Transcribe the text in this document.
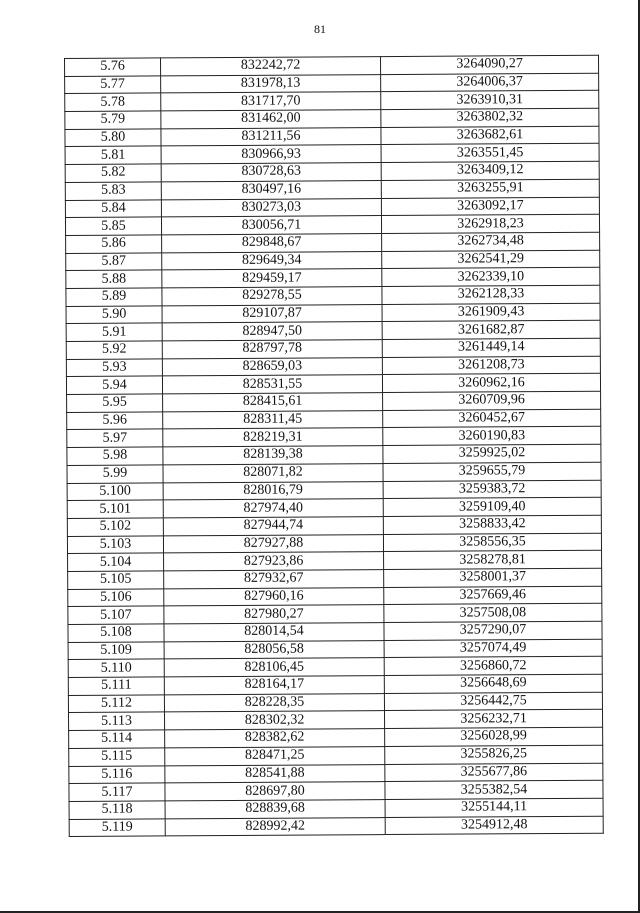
81
5.76	832242,72	3264090,27
5.77	831978,13	3264006,37
5.78	831717,70	3263910,31
5.79	831462,00	3263802,32
5.80	831211,56	3263682,61
5.81	830966,93	3263551,45
5.82	830728,63	3263409,12
5.83	830497,16	3263255,91
5.84	830273,03	3263092,17
5.85	830056,71	3262918,23
5.86	829848,67	3262734,48
5.87	829649,34	3262541,29
5.88	829459,17	3262339,10
5.89	829278,55	3262128,33
5.90	829107,87	3261909,43
5.91	828947,50	3261682,87
5.92	828797,78	3261449,14
5.93	828659,03	3261208,73
5.94	828531,55	3260962,16
5.95	828415,61	3260709,96
5.96	828311,45	3260452,67
5.97	828219,31	3260190,83
5.98	828139,38	3259925,02
5.99	828071,82	3259655,79
5.100	828016,79	3259383,72
5.101	827974,40	3259109,40
5.102	827944,74	3258833,42
5.103	827927,88	3258556,35
5.104	827923,86	3258278,81
5.105	827932,67	3258001,37
5.106	827960,16	3257669,46
5.107	827980,27	3257508,08
5.108	828014,54	3257290,07
5.109	828056,58	3257074,49
5.110	828106,45	3256860,72
5.111	828164,17	3256648,69
5.112	828228,35	3256442,75
5.113	828302,32	3256232,71
5.114	828382,62	3256028,99
5.115	828471,25	3255826,25
5.116	828541,88	3255677,86
5.117	828697,80	3255382,54
5.118	828839,68	3255144,11
5.119	828992,42	3254912,48
